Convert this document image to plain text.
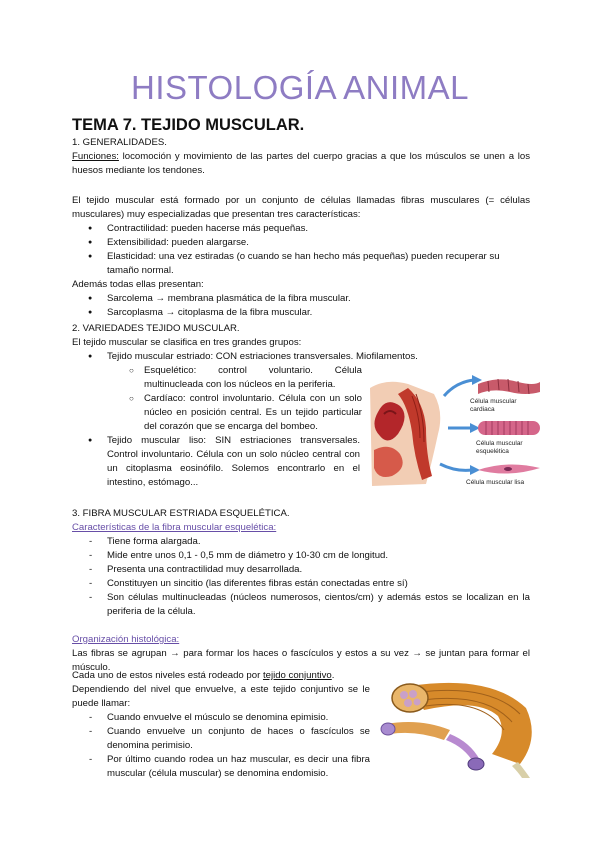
HISTOLOGÍA ANIMAL
TEMA 7. TEJIDO MUSCULAR.

1. GENERALIDADES.

Funciones: locomoción y movimiento de las partes del cuerpo gracias a que los músculos se unen a los huesos mediante los tendones.

El tejido muscular está formado por un conjunto de células llamadas fibras musculares (= células musculares) muy especializadas que presentan tres características:

● Contractilidad: pueden hacerse más pequeñas.
● Extensibilidad: pueden alargarse.
● Elasticidad: una vez estiradas (o cuando se han hecho más pequeñas) pueden recuperar su tamaño normal.

Además todas ellas presentan:

● Sarcolema → membrana plasmática de la fibra muscular.
● Sarcoplasma → citoplasma de la fibra muscular.

2. VARIEDADES TEJIDO MUSCULAR.

El tejido muscular se clasifica en tres grandes grupos:

● Tejido muscular estriado: CON estriaciones transversales. Miofilamentos.
○ Esquelético: control voluntario. Célula multinucleada con los núcleos en la periferia.
○ Cardíaco: control involuntario. Célula con un solo núcleo en posición central. Es un tejido particular del corazón que se encarga del bombeo.
● Tejido muscular liso: SIN estriaciones transversales. Control involuntario. Célula con un solo núcleo central con un citoplasma eosinófilo. Solemos encontrarlo en el intestino, estómago...
Célula muscular cardiaca
Célula muscular esquelética
Célula muscular lisa

3. FIBRA MUSCULAR ESTRIADA ESQUELÉTICA.

Características de la fibra muscular esquelética:

- Tiene forma alargada.
- Mide entre unos 0,1 - 0,5 mm de diámetro y 10-30 cm de longitud.
- Presenta una contractilidad muy desarrollada.
- Constituyen un sincitio (las diferentes fibras están conectadas entre sí)
- Son células multinucleadas (núcleos numerosos, cientos/cm) y además estos se localizan en la periferia de la célula.

Organización histológica:

Las fibras se agrupan → para formar los haces o fascículos y estos a su vez → se juntan para formar el músculo.

Cada uno de estos niveles está rodeado por tejido conjuntivo.

Dependiendo del nivel que envuelve, a este tejido conjuntivo se le puede llamar:

- Cuando envuelve el músculo se denomina epimisio.
- Cuando envuelve un conjunto de haces o fascículos se denomina perimisio.
- Por último cuando rodea un haz muscular, es decir una fibra muscular (célula muscular) se denomina endomisio.
